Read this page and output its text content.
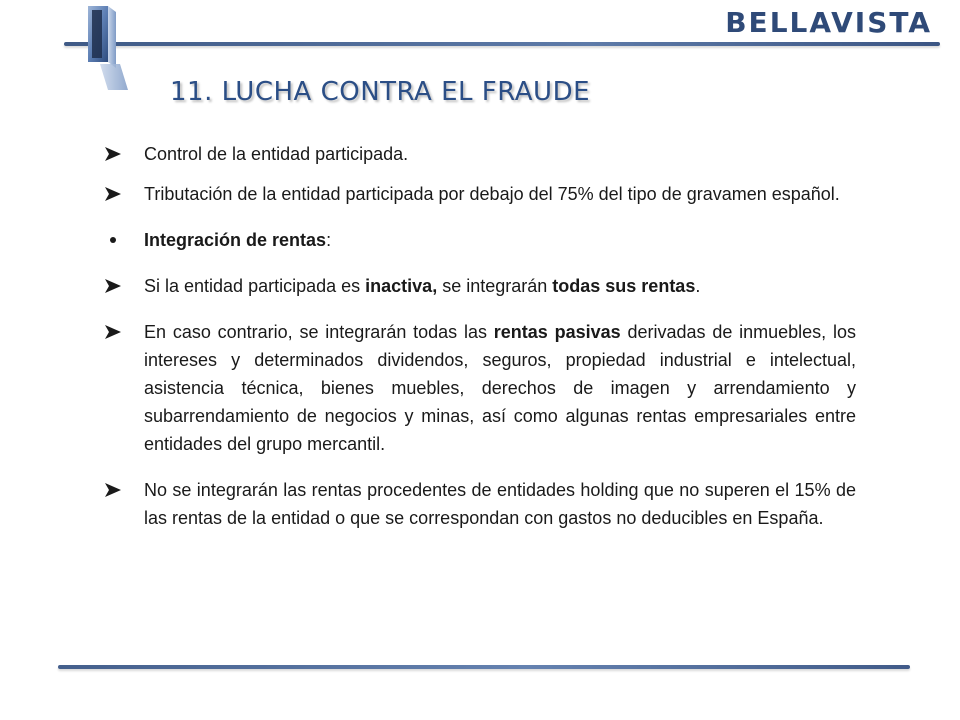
BELLAVISTA
11. LUCHA CONTRA EL FRAUDE

Control de la entidad participada.

Tributación de la entidad participada por debajo del 75% del tipo de gravamen español.

Integración de rentas:

Si la entidad participada es inactiva, se integrarán todas sus rentas.

En caso contrario, se integrarán todas las rentas pasivas derivadas de inmuebles, los intereses y determinados dividendos, seguros, propiedad industrial e intelectual, asistencia técnica, bienes muebles, derechos de imagen y arrendamiento y subarrendamiento de negocios y minas, así como algunas rentas empresariales entre entidades del grupo mercantil.

No se integrarán las rentas procedentes de entidades holding que no superen el 15% de las rentas de la entidad o que se correspondan con gastos no deducibles en España.
